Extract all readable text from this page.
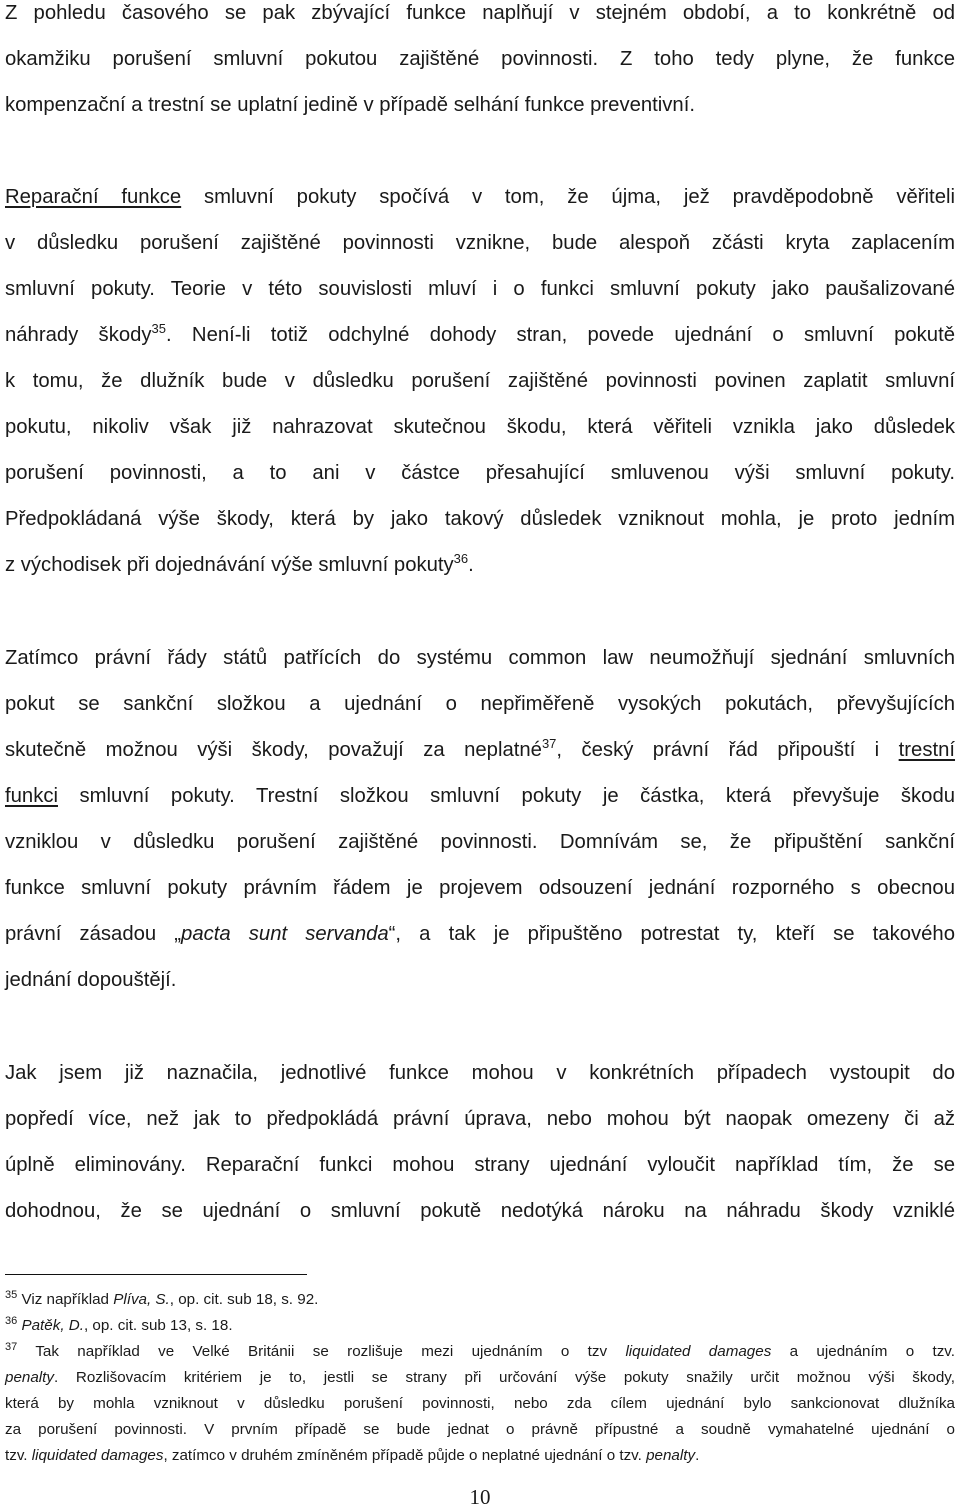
Z pohledu časového se pak zbývající funkce naplňují v stejném období, a to konkrétně od
okamžiku porušení smluvní pokutou zajištěné povinnosti. Z toho tedy plyne, že funkce
kompenzační a trestní se uplatní jedině v případě selhání funkce preventivní.
Reparační funkce smluvní pokuty spočívá v tom, že újma, jež pravděpodobně věřiteli
v důsledku porušení zajištěné povinnosti vznikne, bude alespoň zčásti kryta zaplacením
smluvní pokuty. Teorie v této souvislosti mluví i o funkci smluvní pokuty jako paušalizované
náhrady škody$^{35}$. Není-li totiž odchylné dohody stran, povede ujednání o smluvní pokutě
k tomu, že dlužník bude v důsledku porušení zajištěné povinnosti povinen zaplatit smluvní
pokutu, nikoliv však již nahrazovat skutečnou škodu, která věřiteli vznikla jako důsledek
porušení povinnosti, a to ani v částce přesahující smluvenou výši smluvní pokuty.
Předpokládaná výše škody, která by jako takový důsledek vzniknout mohla, je proto jedním
z východisek při dojednávání výše smluvní pokuty$^{36}$.
Zatímco právní řády států patřících do systému common law neumožňují sjednání smluvních
pokut se sankční složkou a ujednání o nepřiměřeně vysokých pokutách, převyšujících
skutečně možnou výši škody, považují za neplatné$^{37}$, český právní řád připouští i trestní
funkci smluvní pokuty. Trestní složkou smluvní pokuty je částka, která převyšuje škodu
vzniklou v důsledku porušení zajištěné povinnosti. Domnívám se, že připuštění sankční
funkce smluvní pokuty právním řádem je projevem odsouzení jednání rozporného s obecnou
právní zásadou „pacta sunt servanda“, a tak je připuštěno potrestat ty, kteří se takového
jednání dopouštějí.
Jak jsem již naznačila, jednotlivé funkce mohou v konkrétních případech vystoupit do
popředí více, než jak to předpokládá právní úprava, nebo mohou být naopak omezeny či až
úplně eliminovány. Reparační funkci mohou strany ujednání vyloučit například tím, že se
dohodnou, že se ujednání o smluvní pokutě nedotýká nároku na náhradu škody vzniklé
$^{35}$ Viz například Plíva, S., op. cit. sub 18, s. 92.
$^{36}$ Patěk, D., op. cit. sub 13, s. 18.
$^{37}$ Tak například ve Velké Británii se rozlišuje mezi ujednáním o tzv liquidated damages a ujednáním o tzv.
penalty. Rozlišovacím kritériem je to, jestli se strany při určování výše pokuty snažily určit možnou výši škody,
která by mohla vzniknout v důsledku porušení povinnosti, nebo zda cílem ujednání bylo sankcionovat dlužníka
za porušení povinnosti. V prvním případě se bude jednat o právně přípustné a soudně vymahatelné ujednání o
tzv. liquidated damages, zatímco v druhém zmíněném případě půjde o neplatné ujednání o tzv. penalty.
10
